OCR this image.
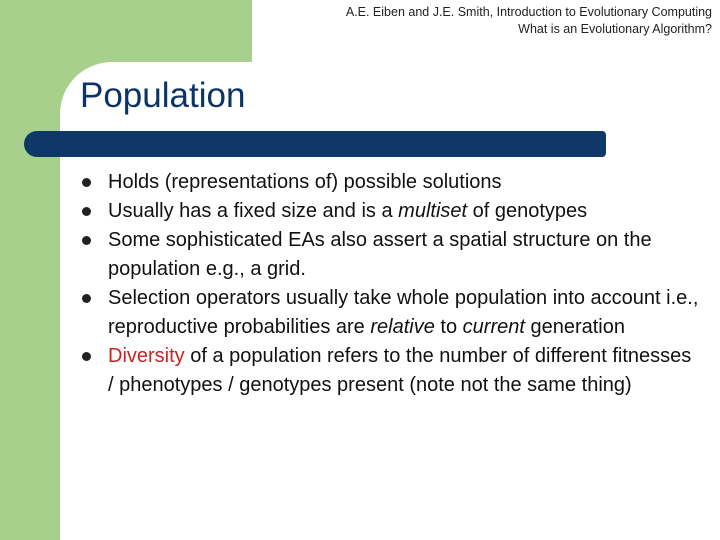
A.E. Eiben and J.E. Smith, Introduction to Evolutionary Computing
What is an Evolutionary Algorithm?
Population
Holds (representations of) possible solutions
Usually has a fixed size and is a multiset of genotypes
Some sophisticated EAs also assert a spatial structure on the population e.g., a grid.
Selection operators usually take whole population into account i.e., reproductive probabilities are relative to current generation
Diversity of a population refers to the number of different fitnesses / phenotypes / genotypes present (note not the same thing)
